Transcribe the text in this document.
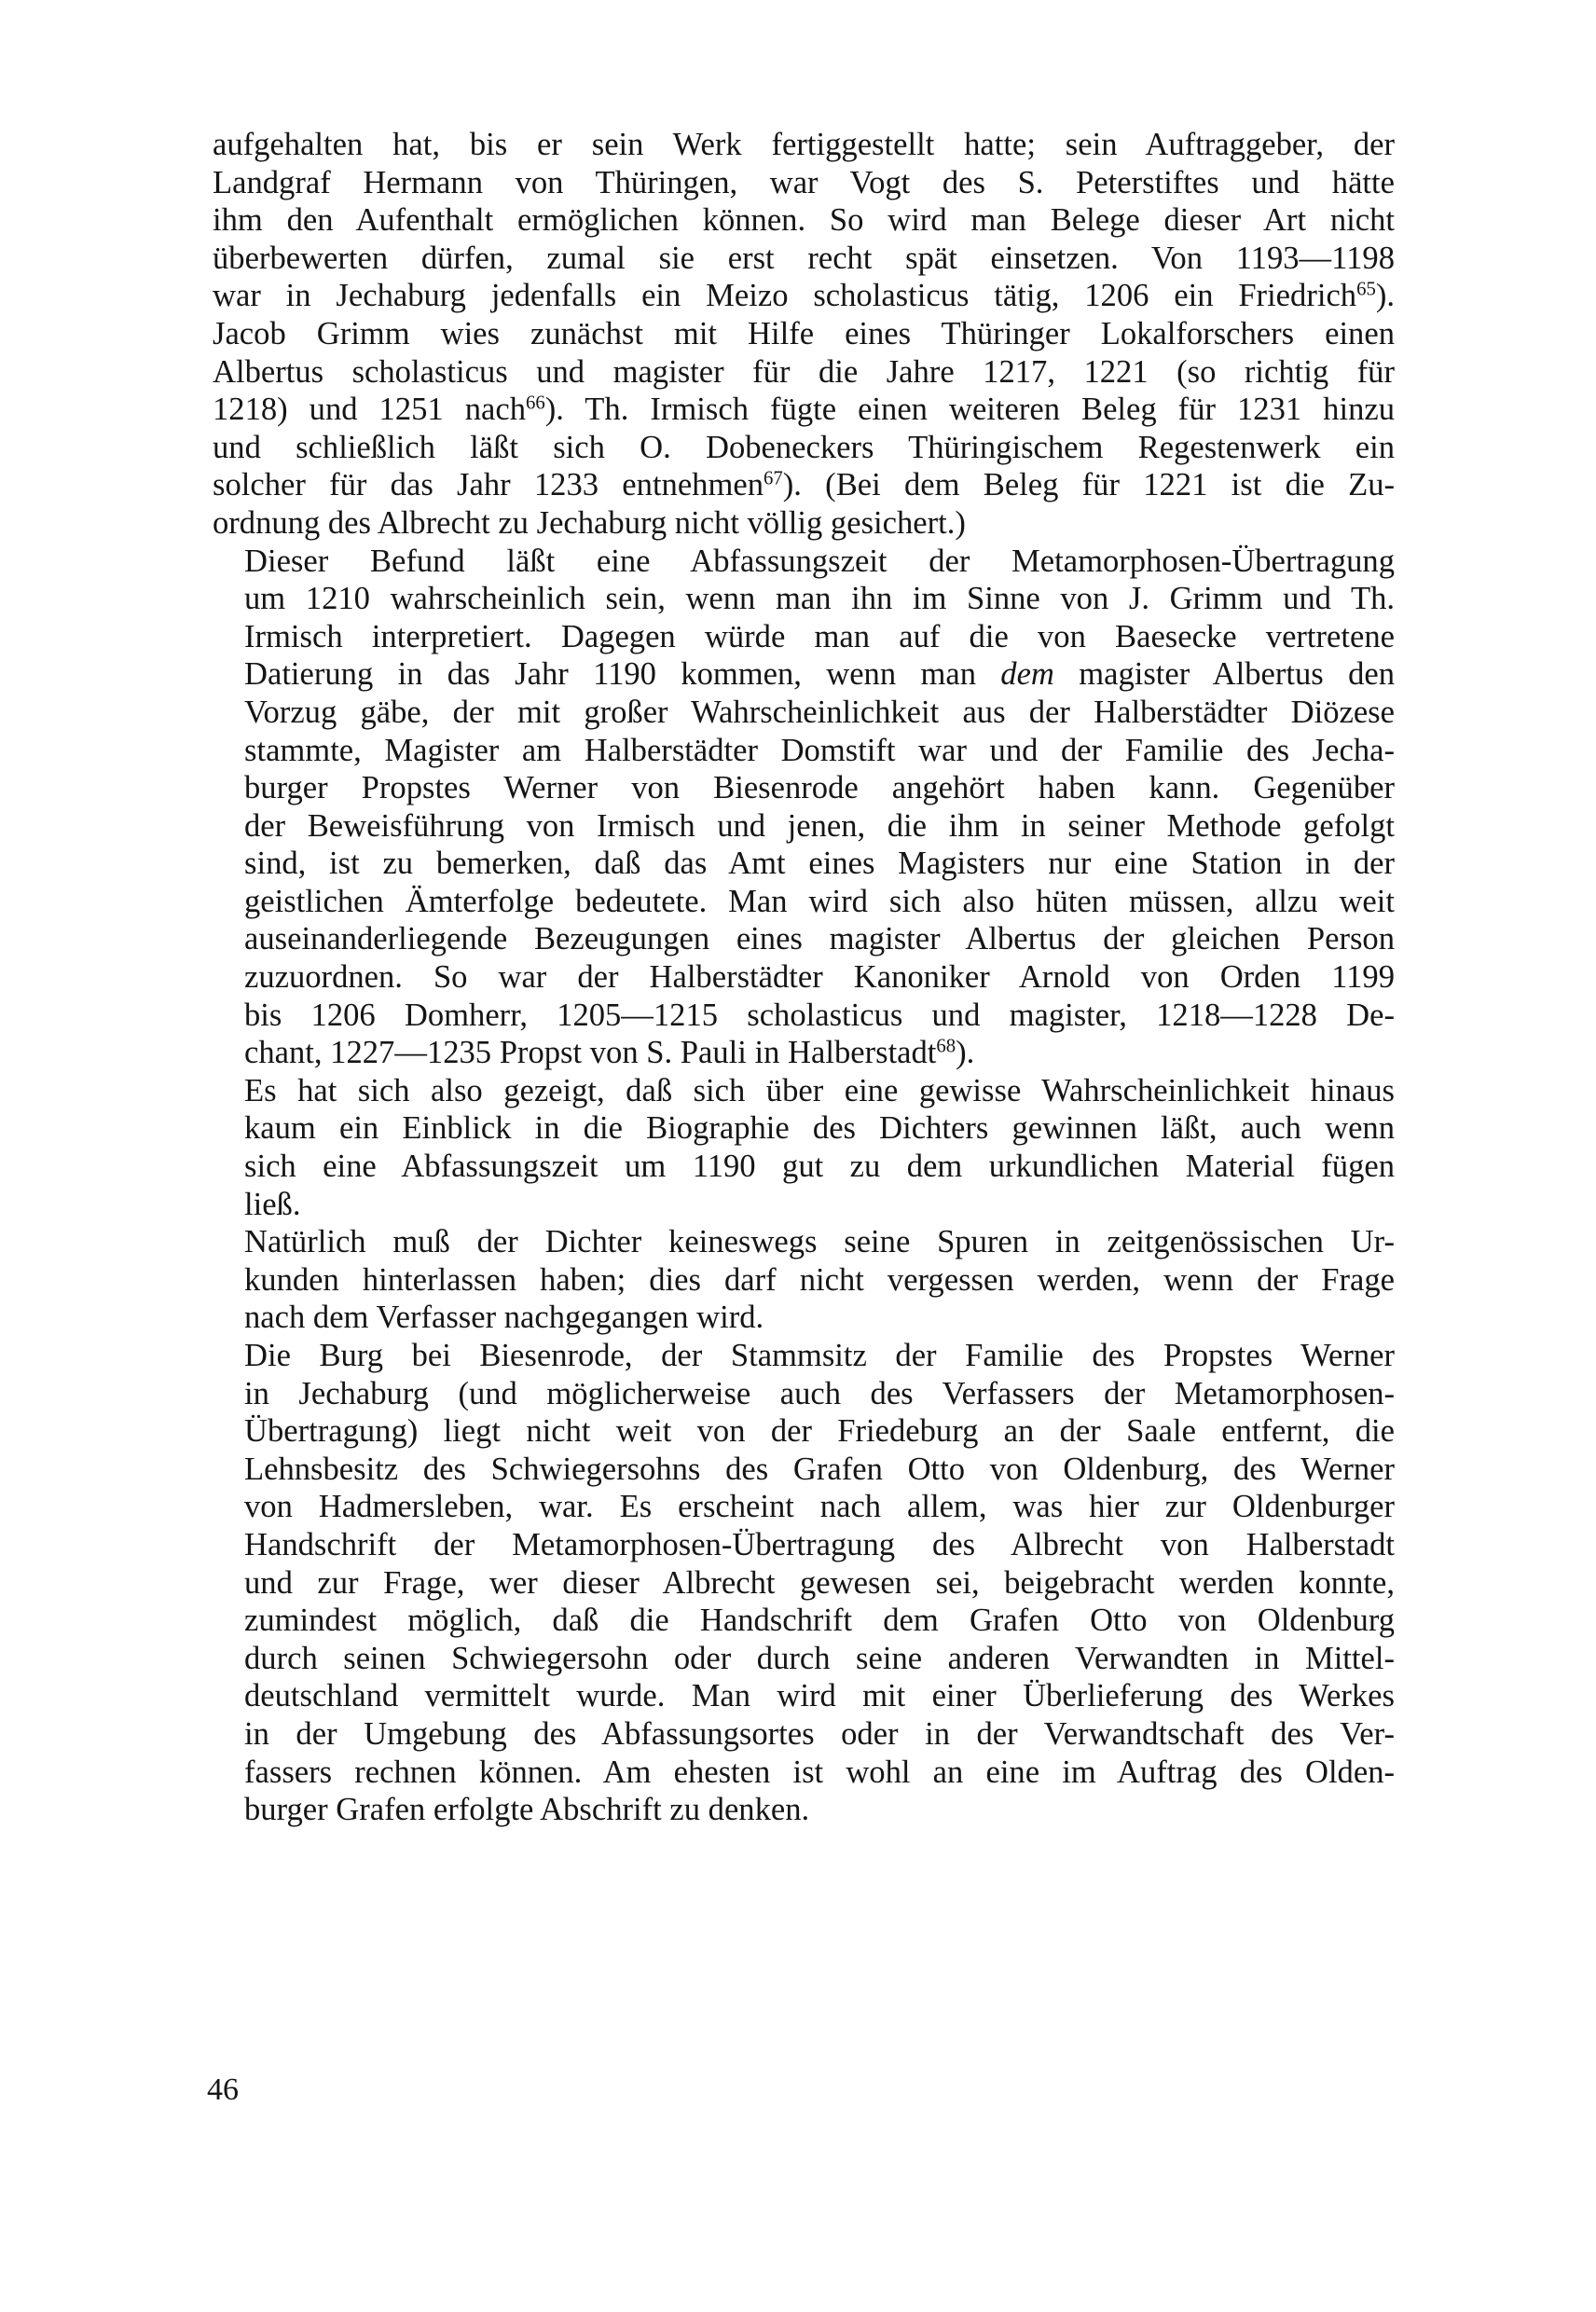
aufgehalten hat, bis er sein Werk fertiggestellt hatte; sein Auftraggeber, der
Landgraf Hermann von Thüringen, war Vogt des S. Peterstiftes und hätte
ihm den Aufenthalt ermöglichen können. So wird man Belege dieser Art nicht
überbewerten dürfen, zumal sie erst recht spät einsetzen. Von 1193—1198
war in Jechaburg jedenfalls ein Meizo scholasticus tätig, 1206 ein Friedrich$^{65}$).
Jacob Grimm wies zunächst mit Hilfe eines Thüringer Lokalforschers einen
Albertus scholasticus und magister für die Jahre 1217, 1221 (so richtig für
1218) und 1251 nach$^{66}$). Th. Irmisch fügte einen weiteren Beleg für 1231 hinzu
und schließlich läßt sich O. Dobeneckers Thüringischem Regestenwerk ein
solcher für das Jahr 1233 entnehmen$^{67}$). (Bei dem Beleg für 1221 ist die Zu-
ordnung des Albrecht zu Jechaburg nicht völlig gesichert.)

Dieser Befund läßt eine Abfassungszeit der Metamorphosen-Übertragung
um 1210 wahrscheinlich sein, wenn man ihn im Sinne von J. Grimm und Th.
Irmisch interpretiert. Dagegen würde man auf die von Baesecke vertretene
Datierung in das Jahr 1190 kommen, wenn man dem magister Albertus den
Vorzug gäbe, der mit großer Wahrscheinlichkeit aus der Halberstädter Diözese
stammte, Magister am Halberstädter Domstift war und der Familie des Jecha-
burger Propstes Werner von Biesenrode angehört haben kann. Gegenüber
der Beweisführung von Irmisch und jenen, die ihm in seiner Methode gefolgt
sind, ist zu bemerken, daß das Amt eines Magisters nur eine Station in der
geistlichen Ämterfolge bedeutete. Man wird sich also hüten müssen, allzu weit
auseinanderliegende Bezeugungen eines magister Albertus der gleichen Person
zuzuordnen. So war der Halberstädter Kanoniker Arnold von Orden 1199
bis 1206 Domherr, 1205—1215 scholasticus und magister, 1218—1228 De-
chant, 1227—1235 Propst von S. Pauli in Halberstadt$^{68}$).

Es hat sich also gezeigt, daß sich über eine gewisse Wahrscheinlichkeit hinaus
kaum ein Einblick in die Biographie des Dichters gewinnen läßt, auch wenn
sich eine Abfassungszeit um 1190 gut zu dem urkundlichen Material fügen
ließ.

Natürlich muß der Dichter keineswegs seine Spuren in zeitgenössischen Ur-
kunden hinterlassen haben; dies darf nicht vergessen werden, wenn der Frage
nach dem Verfasser nachgegangen wird.

Die Burg bei Biesenrode, der Stammsitz der Familie des Propstes Werner
in Jechaburg (und möglicherweise auch des Verfassers der Metamorphosen-
Übertragung) liegt nicht weit von der Friedeburg an der Saale entfernt, die
Lehnsbesitz des Schwiegersohns des Grafen Otto von Oldenburg, des Werner
von Hadmersleben, war. Es erscheint nach allem, was hier zur Oldenburger
Handschrift der Metamorphosen-Übertragung des Albrecht von Halberstadt
und zur Frage, wer dieser Albrecht gewesen sei, beigebracht werden konnte,
zumindest möglich, daß die Handschrift dem Grafen Otto von Oldenburg
durch seinen Schwiegersohn oder durch seine anderen Verwandten in Mittel-
deutschland vermittelt wurde. Man wird mit einer Überlieferung des Werkes
in der Umgebung des Abfassungsortes oder in der Verwandtschaft des Ver-
fassers rechnen können. Am ehesten ist wohl an eine im Auftrag des Olden-
burger Grafen erfolgte Abschrift zu denken.

46
